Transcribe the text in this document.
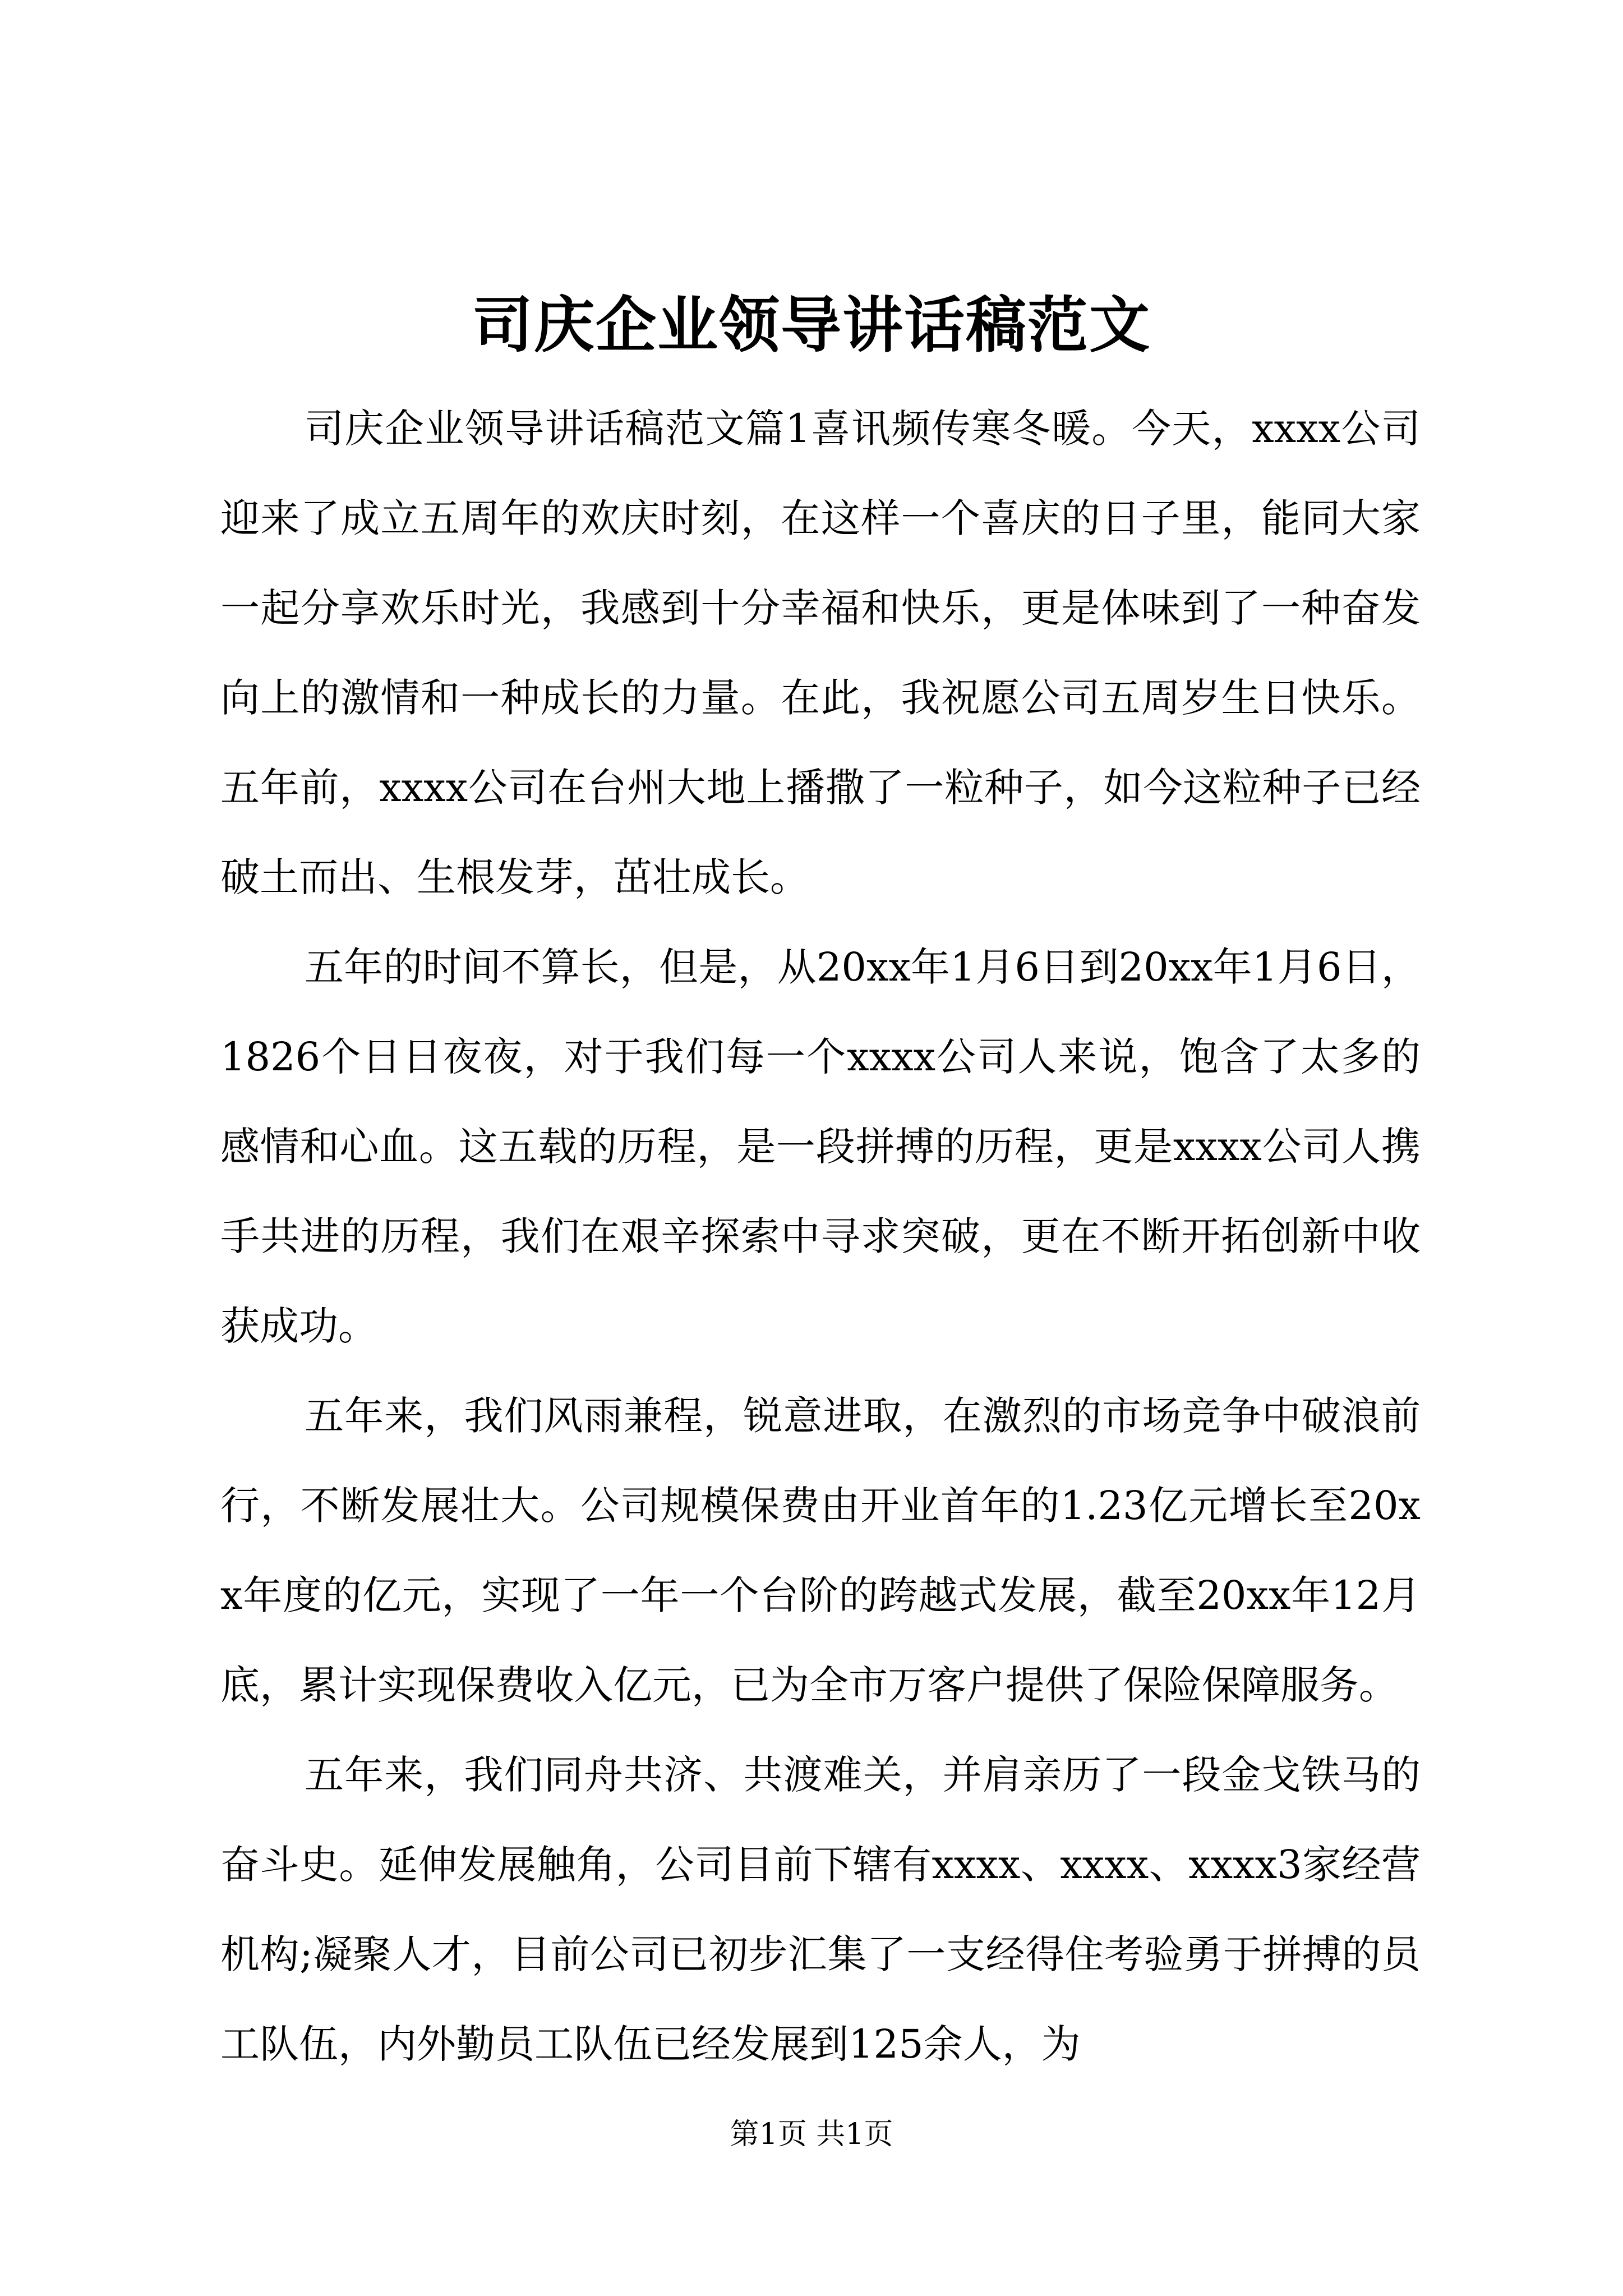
司庆企业领导讲话稿范文

司庆企业领导讲话稿范文篇1喜讯频传寒冬暖。今天，xxxx公司迎来了成立五周年的欢庆时刻，在这样一个喜庆的日子里，能同大家一起分享欢乐时光，我感到十分幸福和快乐，更是体味到了一种奋发向上的激情和一种成长的力量。在此，我祝愿公司五周岁生日快乐。五年前，xxxx公司在台州大地上播撒了一粒种子，如今这粒种子已经破土而出、生根发芽，茁壮成长。

五年的时间不算长，但是，从20xx年1月6日到20xx年1月6日，1826个日日夜夜，对于我们每一个xxxx公司人来说，饱含了太多的感情和心血。这五载的历程，是一段拼搏的历程，更是xxxx公司人携手共进的历程，我们在艰辛探索中寻求突破，更在不断开拓创新中收获成功。

五年来，我们风雨兼程，锐意进取，在激烈的市场竞争中破浪前行，不断发展壮大。公司规模保费由开业首年的1.23亿元增长至20xx年度的亿元，实现了一年一个台阶的跨越式发展，截至20xx年12月底，累计实现保费收入亿元，已为全市万客户提供了保险保障服务。

五年来，我们同舟共济、共渡难关，并肩亲历了一段金戈铁马的奋斗史。延伸发展触角，公司目前下辖有xxxx、xxxx、xxxx3家经营机构;凝聚人才，目前公司已初步汇集了一支经得住考验勇于拼搏的员工队伍，内外勤员工队伍已经发展到125余人，为

第1页 共1页
